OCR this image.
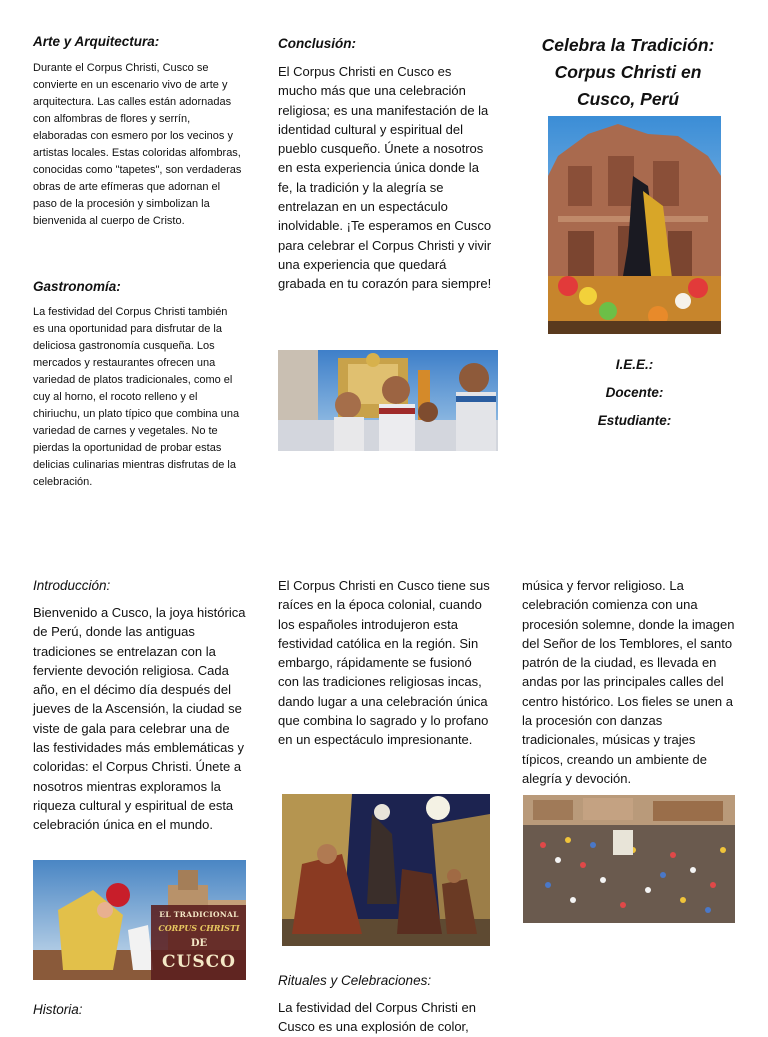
Arte y Arquitectura:
Durante el Corpus Christi, Cusco se convierte en un escenario vivo de arte y arquitectura. Las calles están adornadas con alfombras de flores y serrín, elaboradas con esmero por los vecinos y artistas locales. Estas coloridas alfombras, conocidas como "tapetes", son verdaderas obras de arte efímeras que adornan el paso de la procesión y simbolizan la bienvenida al cuerpo de Cristo.
Gastronomía:
La festividad del Corpus Christi también es una oportunidad para disfrutar de la deliciosa gastronomía cusqueña. Los mercados y restaurantes ofrecen una variedad de platos tradicionales, como el cuy al horno, el rocoto relleno y el chiriuchu, un plato típico que combina una variedad de carnes y vegetales. No te pierdas la oportunidad de probar estas delicias culinarias mientras disfrutas de la celebración.
Conclusión:
El Corpus Christi en Cusco es mucho más que una celebración religiosa; es una manifestación de la identidad cultural y espiritual del pueblo cusqueño. Únete a nosotros en esta experiencia única donde la fe, la tradición y la alegría se entrelazan en un espectáculo inolvidable. ¡Te esperamos en Cusco para celebrar el Corpus Christi y vivir una experiencia que quedará grabada en tu corazón para siempre!
Celebra la Tradición: Corpus Christi en Cusco, Perú
I.E.E.:
Docente:
Estudiante:
Introducción:
Bienvenido a Cusco, la joya histórica de Perú, donde las antiguas tradiciones se entrelazan con la ferviente devoción religiosa. Cada año, en el décimo día después del jueves de la Ascensión, la ciudad se viste de gala para celebrar una de las festividades más emblemáticas y coloridas: el Corpus Christi. Únete a nosotros mientras exploramos la riqueza cultural y espiritual de esta celebración única en el mundo.
EL TRADICIONAL
CORPUS CHRISTI
DE
CUSCO
Historia:
El Corpus Christi en Cusco tiene sus raíces en la época colonial, cuando los españoles introdujeron esta festividad católica en la región. Sin embargo, rápidamente se fusionó con las tradiciones religiosas incas, dando lugar a una celebración única que combina lo sagrado y lo profano en un espectáculo impresionante.
Rituales y Celebraciones:
La festividad del Corpus Christi en Cusco es una explosión de color,
música y fervor religioso. La celebración comienza con una procesión solemne, donde la imagen del Señor de los Temblores, el santo patrón de la ciudad, es llevada en andas por las principales calles del centro histórico. Los fieles se unen a la procesión con danzas tradicionales, músicas y trajes típicos, creando un ambiente de alegría y devoción.
